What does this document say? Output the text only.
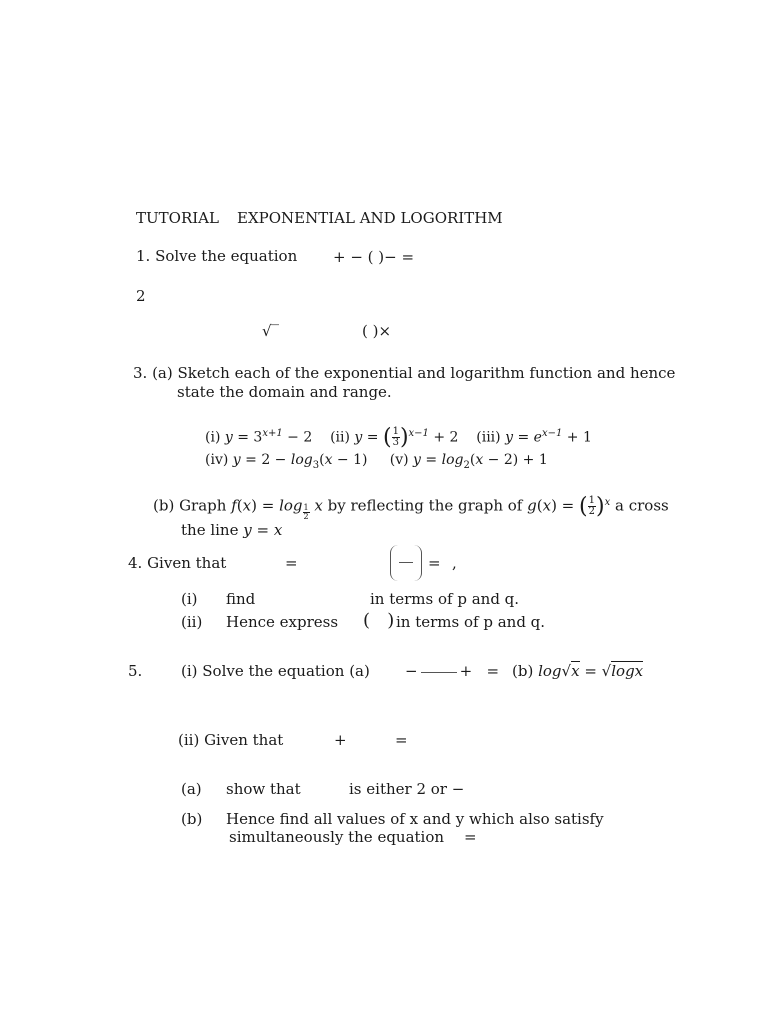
TUTORIAL EXPONENTIAL AND LOGORITHM
1. Solve the equation + − ( )− =
2
√‾	( )×
3. (a) Sketch each of the exponential and logarithm function and hence
state the domain and range.
(i) $y = 3^{x+1} - 2$    (ii) y = ( $\frac{1}{3} )^{x-1} + 2$    (iii) $y = e^{x-1} + 1$
(iv) $y = 2 - \log_3(x - 1)$     (v) $y = \log_2(x - 2) + 1$
(b) Graph $f(x) = \log \frac{1}{2}$ x by reflecting the graph of g(x) = ( $\frac{1}{2} )^x$ a cross
the line y = x
4. Given that	=	= ,
(i) find	in terms of p and q.
(ii) Hence express (   ) in terms of p and q.
5.	(i) Solve the equation (a) −	+   = (b) log√x = √logx
(ii) Given that	+	=
(a) show that	is either 2 or −
(b) Hence find all values of x and y which also satisfy
simultaneously the equation =
